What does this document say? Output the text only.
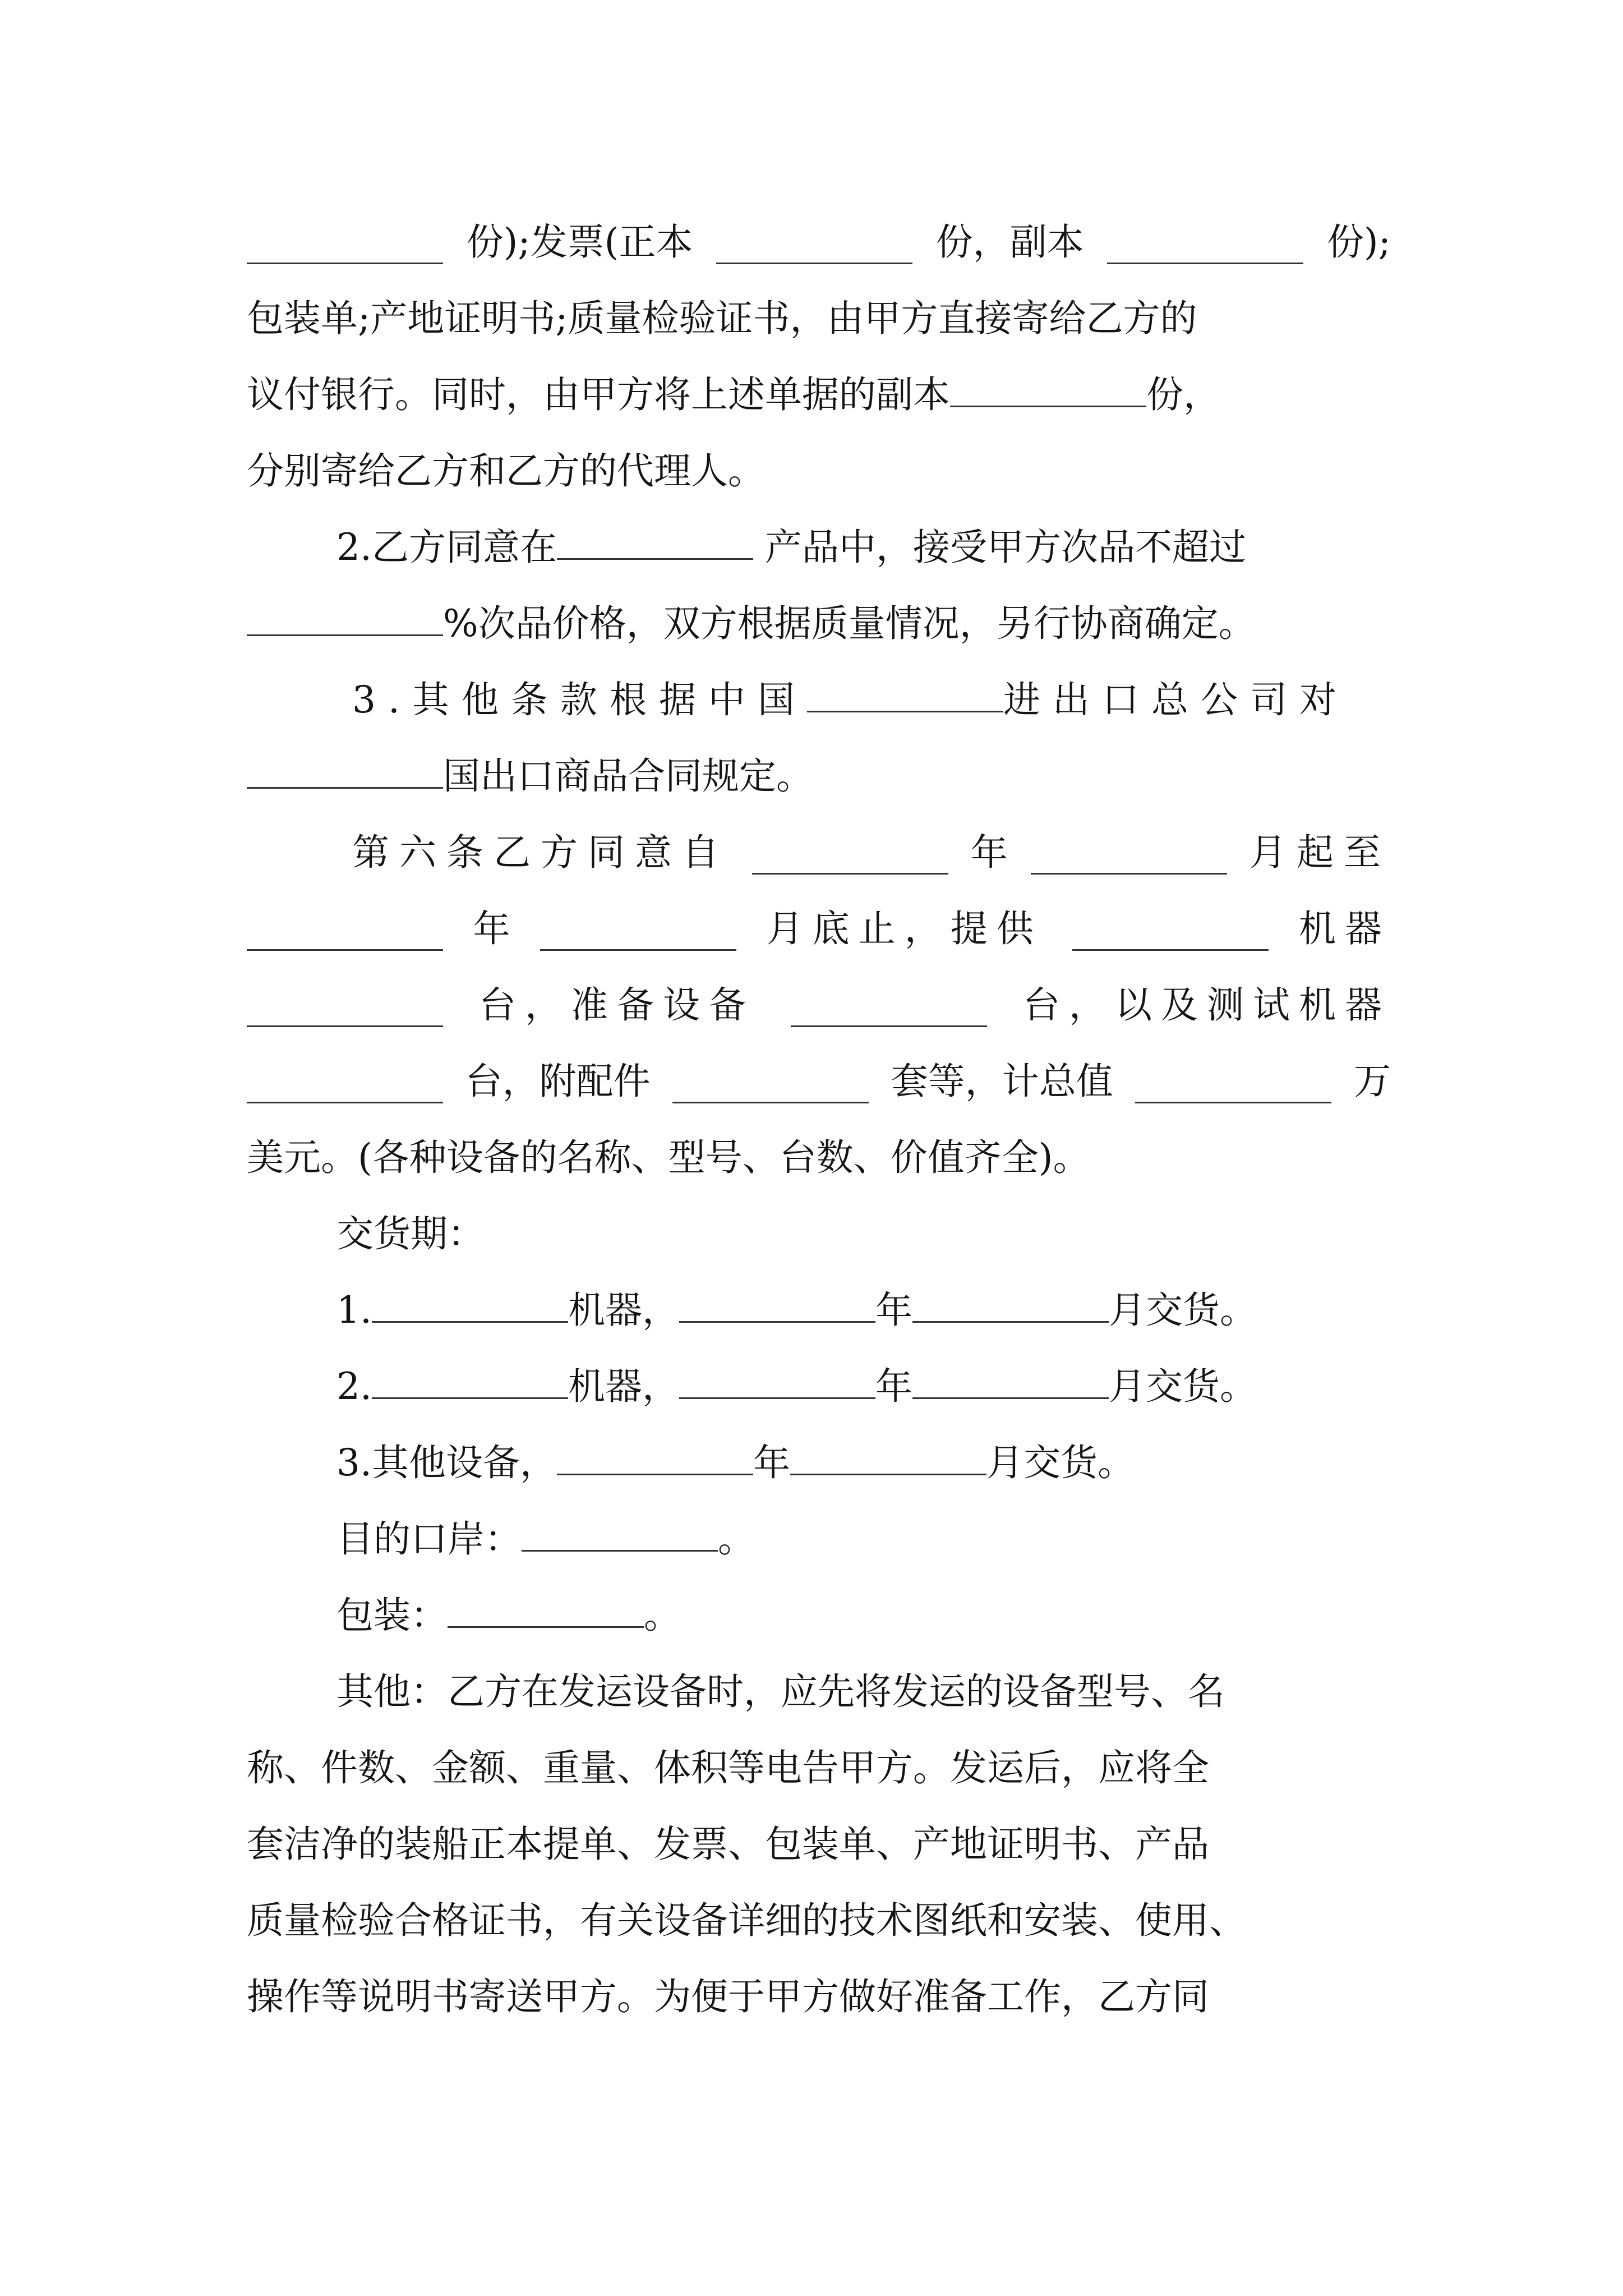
份);发票(正本	份，副本	份);
包装单;产地证明书;质量检验证书，由甲方直接寄给乙方的
议付银行。同时，由甲方将上述单据的副本	份，
分别寄给乙方和乙方的代理人。
2.乙方同意在	产品中，接受甲方次品不超过
%次品价格，双方根据质量情况，另行协商确定。
3.其他条款根据中国	进出口总公司对
国出口商品合同规定。
第六条乙方同意自	年	月起至
年	月底止，提供	机器
台，准备设备	台，以及测试机器
台，附配件	套等，计总值	万
美元。(各种设备的名称、型号、台数、价值齐全)。
交货期：
1.	机器，	年	月交货。
2.	机器，	年	月交货。
3.其他设备，	年	月交货。
目的口岸：	。
包装：	。
其他：乙方在发运设备时，应先将发运的设备型号、名
称、件数、金额、重量、体积等电告甲方。发运后，应将全
套洁净的装船正本提单、发票、包装单、产地证明书、产品
质量检验合格证书，有关设备详细的技术图纸和安装、使用、
操作等说明书寄送甲方。为便于甲方做好准备工作，乙方同
